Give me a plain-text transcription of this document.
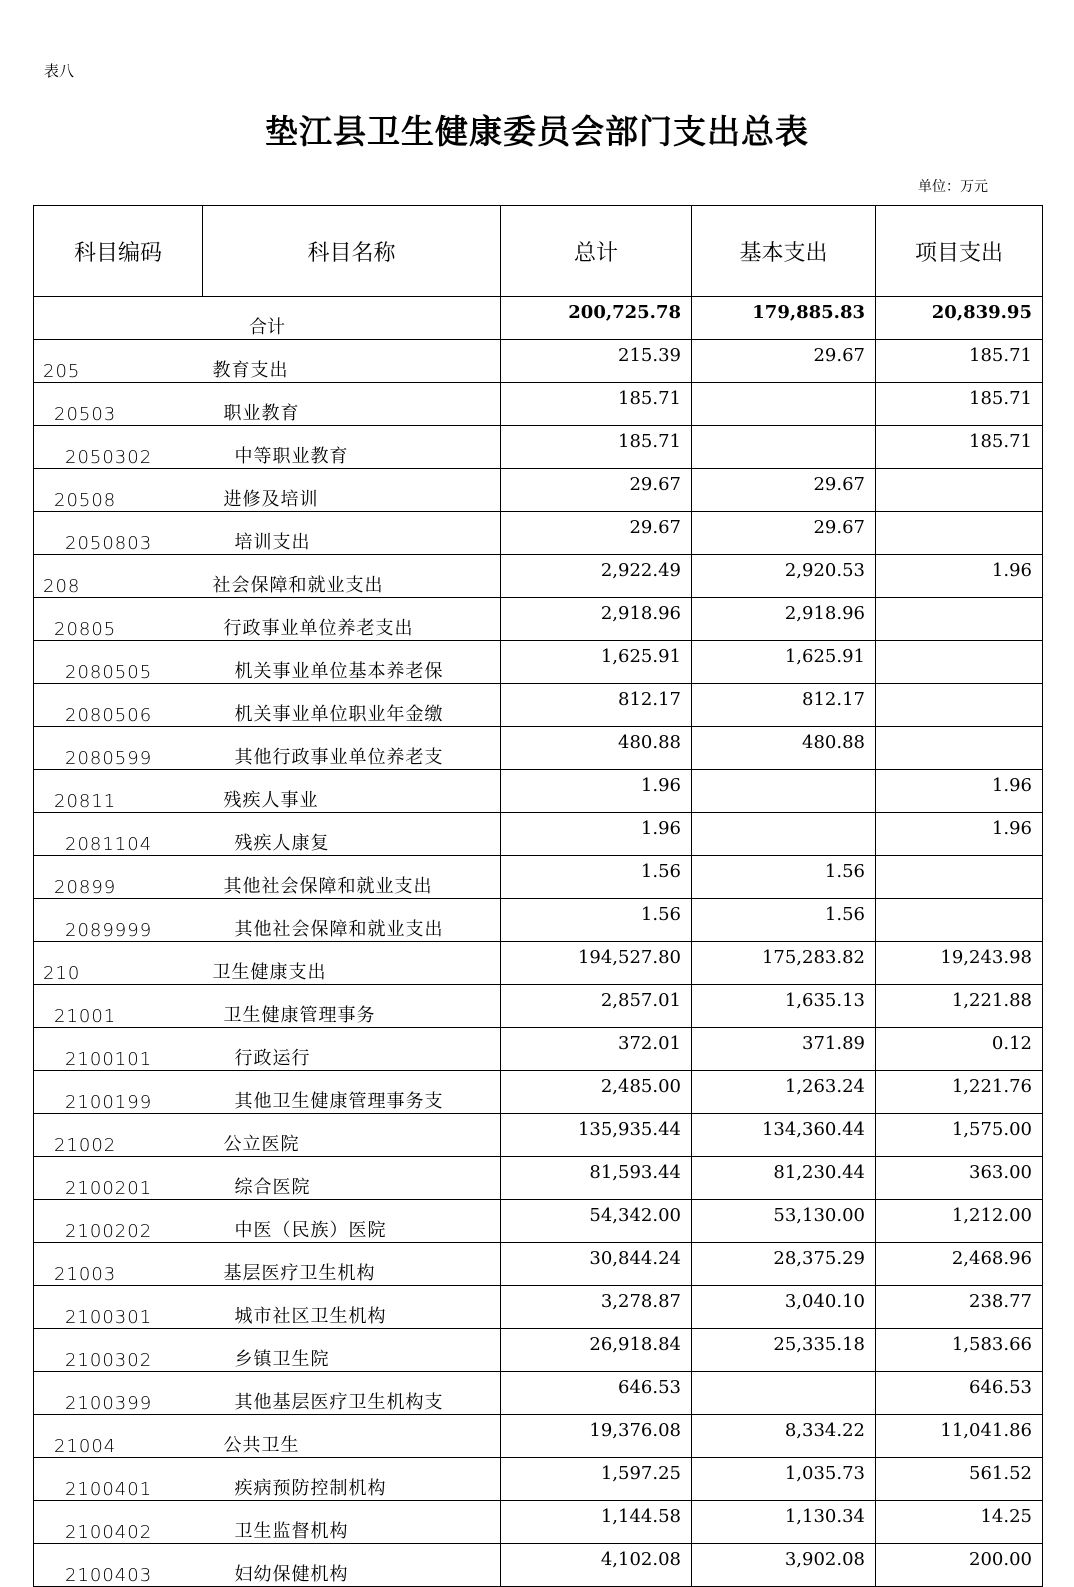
表八
垫江县卫生健康委员会部门支出总表
单位：万元
科目编码	科目名称	总计	基本支出	项目支出
合计		200,725.78	179,885.83	20,839.95
205	教育支出	215.39	29.67	185.71
20503	职业教育	185.71		185.71
2050302	中等职业教育	185.71		185.71
20508	进修及培训	29.67	29.67	
2050803	培训支出	29.67	29.67	
208	社会保障和就业支出	2,922.49	2,920.53	1.96
20805	行政事业单位养老支出	2,918.96	2,918.96	
2080505	机关事业单位基本养老保	1,625.91	1,625.91	
2080506	机关事业单位职业年金缴	812.17	812.17	
2080599	其他行政事业单位养老支	480.88	480.88	
20811	残疾人事业	1.96		1.96
2081104	残疾人康复	1.96		1.96
20899	其他社会保障和就业支出	1.56	1.56	
2089999	其他社会保障和就业支出	1.56	1.56	
210	卫生健康支出	194,527.80	175,283.82	19,243.98
21001	卫生健康管理事务	2,857.01	1,635.13	1,221.88
2100101	行政运行	372.01	371.89	0.12
2100199	其他卫生健康管理事务支	2,485.00	1,263.24	1,221.76
21002	公立医院	135,935.44	134,360.44	1,575.00
2100201	综合医院	81,593.44	81,230.44	363.00
2100202	中医（民族）医院	54,342.00	53,130.00	1,212.00
21003	基层医疗卫生机构	30,844.24	28,375.29	2,468.96
2100301	城市社区卫生机构	3,278.87	3,040.10	238.77
2100302	乡镇卫生院	26,918.84	25,335.18	1,583.66
2100399	其他基层医疗卫生机构支	646.53		646.53
21004	公共卫生	19,376.08	8,334.22	11,041.86
2100401	疾病预防控制机构	1,597.25	1,035.73	561.52
2100402	卫生监督机构	1,144.58	1,130.34	14.25
2100403	妇幼保健机构	4,102.08	3,902.08	200.00
